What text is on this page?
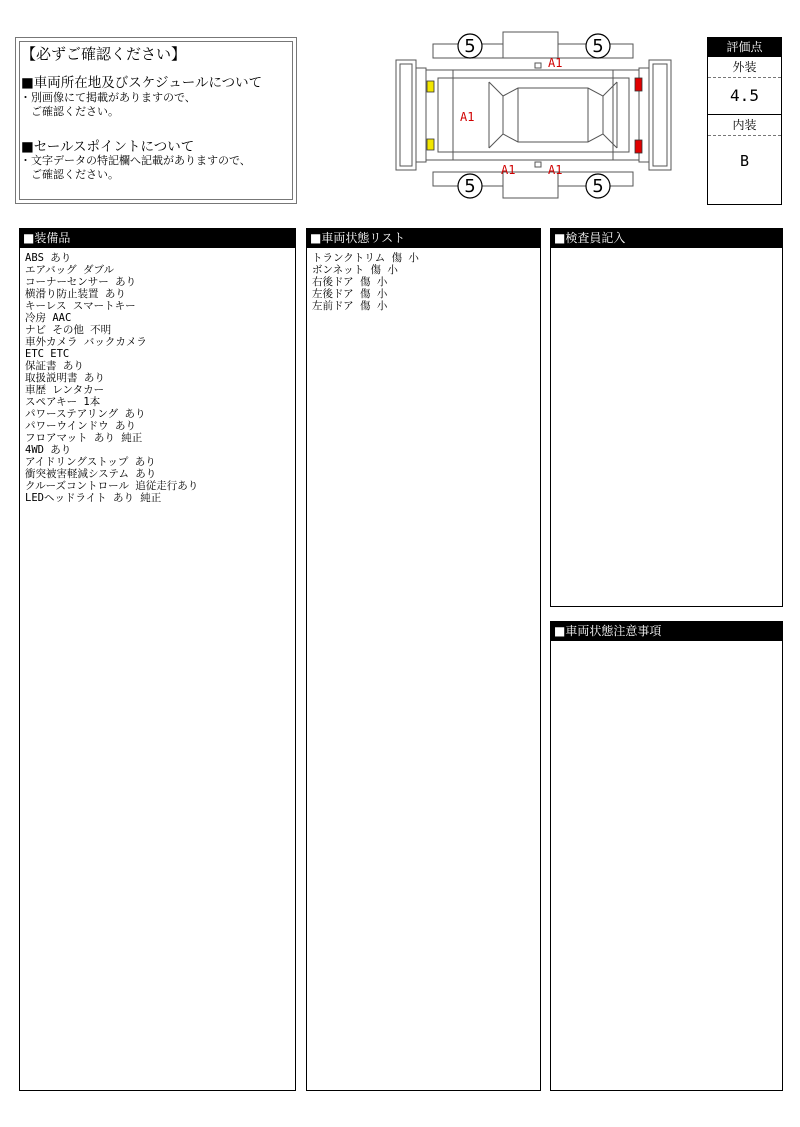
【必ずご確認ください】
■車両所在地及びスケジュールについて
・別画像にて掲載がありますので、
　ご確認ください。
■セールスポイントについて
・文字データの特記欄へ記載がありますので、
　ご確認ください。
5	5
5	5
A1
A1
A1	A1
評価点
外装
4.5
内装
B
■装備品
ABS あり
エアバッグ ダブル
コーナーセンサー あり
横滑り防止装置 あり
キーレス スマートキー
冷房 AAC
ナビ その他 不明
車外カメラ バックカメラ
ETC ETC
保証書 あり
取扱説明書 あり
車歴 レンタカー
スペアキー 1本
パワーステアリング あり
パワーウインドウ あり
フロアマット あり 純正
4WD あり
アイドリングストップ あり
衝突被害軽減システム あり
クルーズコントロール 追従走行あり
LEDヘッドライト あり 純正
■車両状態リスト
トランクトリム 傷 小
ボンネット 傷 小
右後ドア 傷 小
左後ドア 傷 小
左前ドア 傷 小
■検査員記入
■車両状態注意事項
